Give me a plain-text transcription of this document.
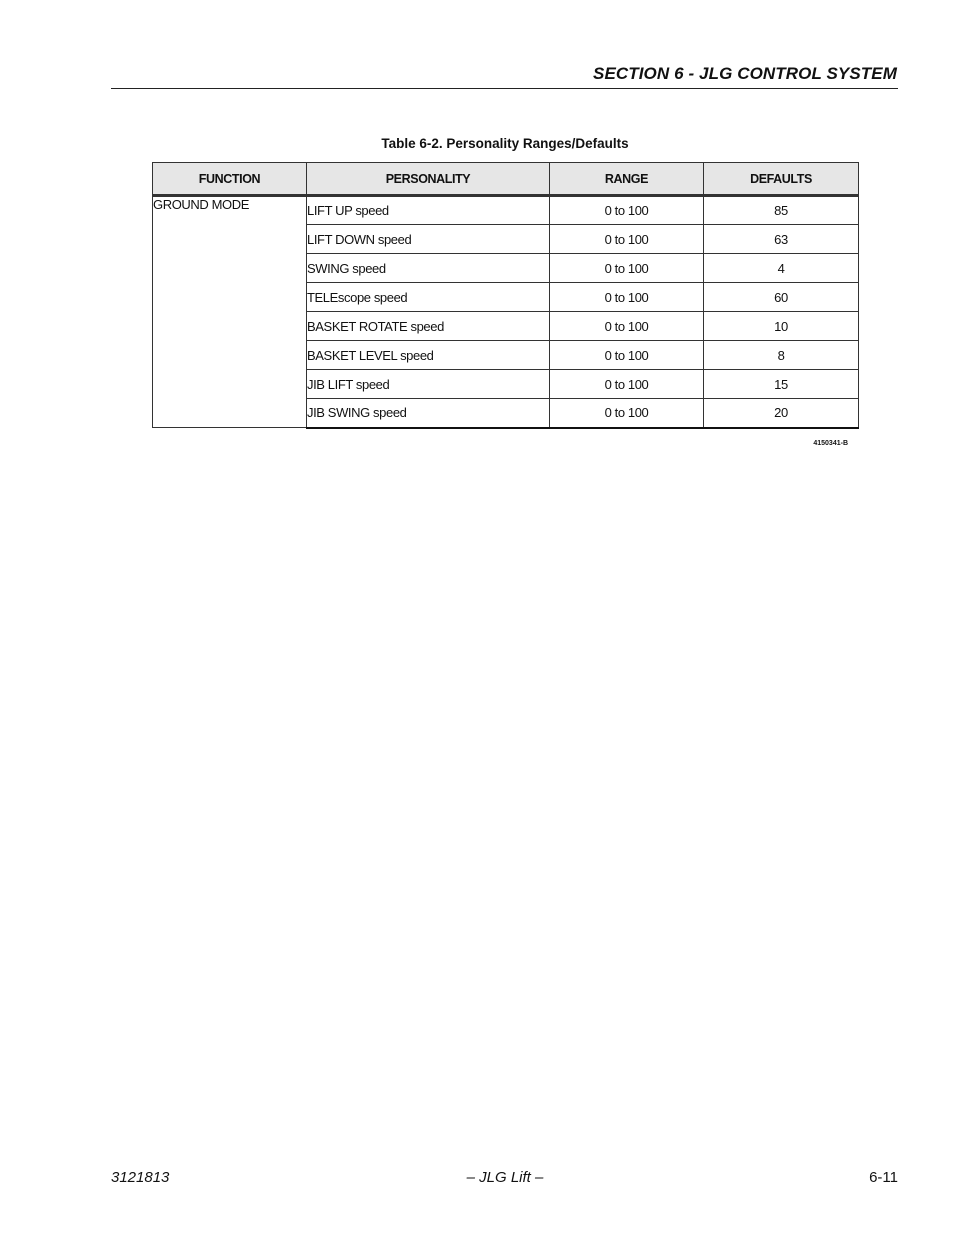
SECTION 6 - JLG CONTROL SYSTEM
Table 6-2. Personality Ranges/Defaults
FUNCTION	PERSONALITY	RANGE	DEFAULTS
GROUND MODE	LIFT UP speed	0 to 100	85
	LIFT DOWN speed	0 to 100	63
	SWING speed	0 to 100	4
	TELEscope speed	0 to 100	60
	BASKET ROTATE speed	0 to 100	10
	BASKET LEVEL speed	0 to 100	8
	JIB LIFT speed	0 to 100	15
	JIB SWING speed	0 to 100	20
4150341-B
3121813	– JLG Lift –	6-11
